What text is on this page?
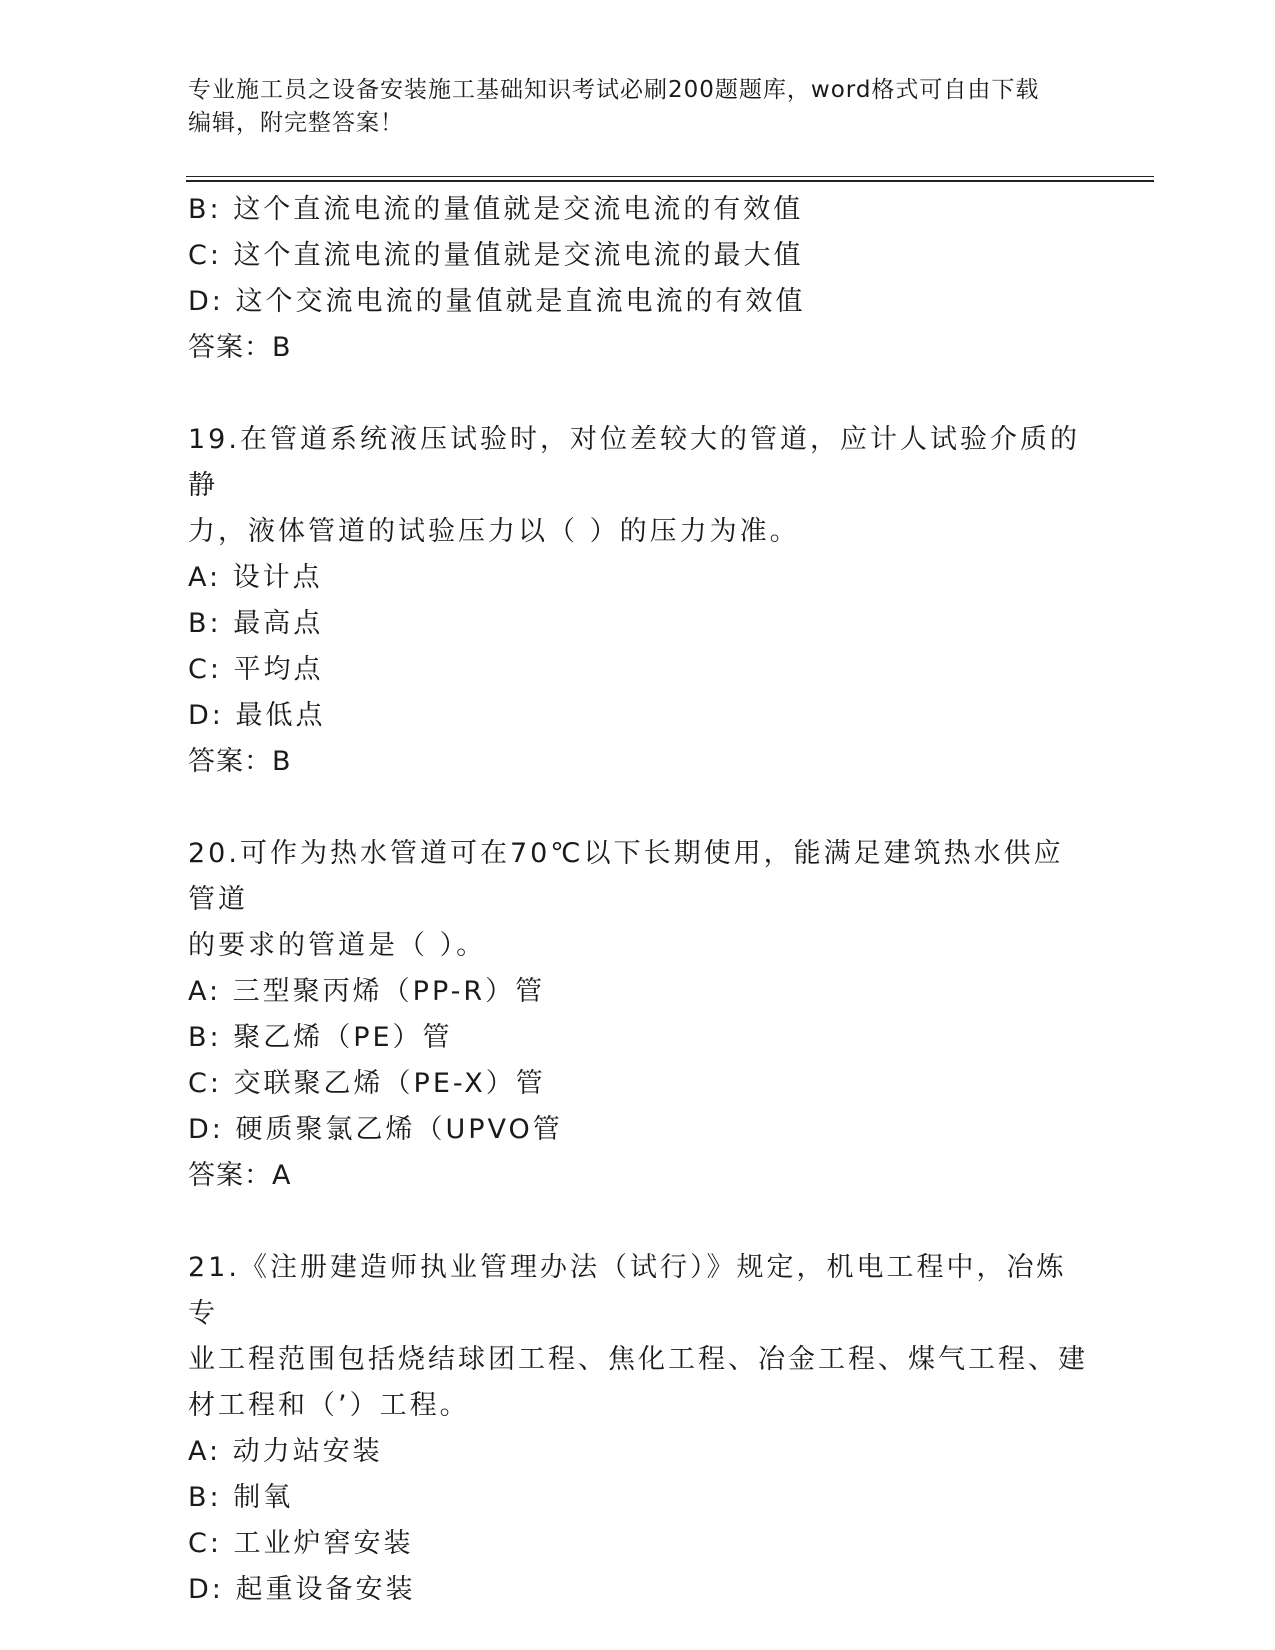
专业施工员之设备安装施工基础知识考试必刷200题题库，word格式可自由下载
编辑，附完整答案！
B: 这个直流电流的量值就是交流电流的有效值
C: 这个直流电流的量值就是交流电流的最大值
D: 这个交流电流的量值就是直流电流的有效值
答案：B
19.在管道系统液压试验时，对位差较大的管道，应计人试验介质的静
力，液体管道的试验压力以（ ）的压力为准。
A: 设计点
B: 最高点
C: 平均点
D: 最低点
答案：B
20.可作为热水管道可在70℃以下长期使用，能满足建筑热水供应管道
的要求的管道是（ ）。
A: 三型聚丙烯（PP-R）管
B: 聚乙烯（PE）管
C: 交联聚乙烯（PE-X）管
D: 硬质聚氯乙烯（UPVO管
答案：A
21.《注册建造师执业管理办法（试行）》规定，机电工程中，冶炼专
业工程范围包括烧结球团工程、焦化工程、冶金工程、煤气工程、建
材工程和（’）工程。
A: 动力站安装
B: 制氧
C: 工业炉窖安装
D: 起重设备安装
